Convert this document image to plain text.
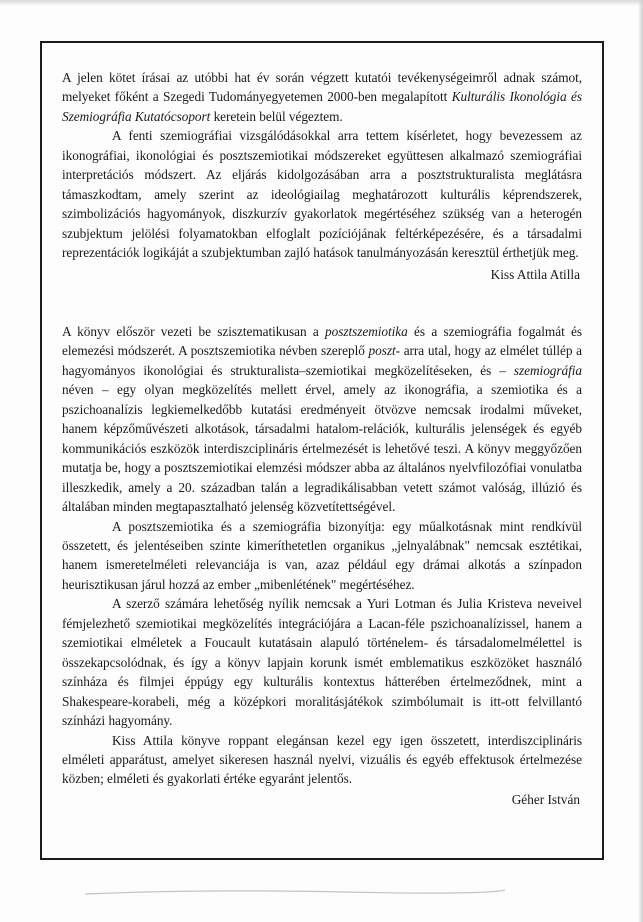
A jelen kötet írásai az utóbbi hat év során végzett kutatói tevékenységeimről adnak számot, melyeket főként a Szegedi Tudományegyetemen 2000-ben megalapított Kulturális Ikonológia és Szemiográfia Kutatócsoport keretein belül végeztem.

A fenti szemiográfiai vizsgálódásokkal arra tettem kísérletet, hogy bevezessem az ikonográfiai, ikonológiai és posztszemiotikai módszereket együttesen alkalmazó szemiográfiai interpretációs módszert. Az eljárás kidolgozásában arra a posztstrukturalista meglátásra támaszkodtam, amely szerint az ideológiailag meghatározott kulturális képrendszerek, szimbolizációs hagyományok, diszkurzív gyakorlatok megértéséhez szükség van a heterogén szubjektum jelölési folyamatokban elfoglalt pozíciójának feltérképezésére, és a társadalmi reprezentációk logikáját a szubjektumban zajló hatások tanulmányozásán keresztül érthetjük meg.

Kiss Attila Atilla

A könyv először vezeti be szisztematikusan a posztszemiotika és a szemiográfia fogalmát és elemezési módszerét. A posztszemiotika névben szereplő poszt- arra utal, hogy az elmélet túllép a hagyományos ikonológiai és strukturalista–szemiotikai megközelítéseken, és – szemiográfia néven – egy olyan megközelítés mellett érvel, amely az ikonográfia, a szemiotika és a pszichoanalízis legkiemelkedőbb kutatási eredményeit ötvözve nemcsak irodalmi műveket, hanem képzőművészeti alkotások, társadalmi hatalom-relációk, kulturális jelenségek és egyéb kommunikációs eszközök interdiszciplináris értelmezését is lehetővé teszi. A könyv meggyőzően mutatja be, hogy a posztszemiotikai elemzési módszer abba az általános nyelvfilozófiai vonulatba illeszkedik, amely a 20. században talán a legradikálisabban vetett számot valóság, illúzió és általában minden megtapasztalható jelenség közvetítettségével.

A posztszemiotika és a szemiográfia bizonyítja: egy műalkotásnak mint rendkívül összetett, és jelentéseiben szinte kimeríthetetlen organikus „jelnyalábnak" nemcsak esztétikai, hanem ismeretelméleti relevanciája is van, azaz például egy drámai alkotás a színpadon heurisztikusan járul hozzá az ember „mibenlétének" megértéséhez.

A szerző számára lehetőség nyílik nemcsak a Yuri Lotman és Julia Kristeva neveivel fémjelezhető szemiotikai megközelítés integrációjára a Lacan-féle pszichoanalízissel, hanem a szemiotikai elméletek a Foucault kutatásain alapuló történelem- és társadalomelmélettel is összekapcsolódnak, és így a könyv lapjain korunk ismét emblematikus eszközöket használó színháza és filmjei éppúgy egy kulturális kontextus hátterében értelmeződnek, mint a Shakespeare-korabeli, még a középkori moralitásjátékok szimbólumait is itt-ott felvillantó színházi hagyomány.

Kiss Attila könyve roppant elegánsan kezel egy igen összetett, interdiszciplináris elméleti apparátust, amelyet sikeresen használ nyelvi, vizuális és egyéb effektusok értelmezése közben; elméleti és gyakorlati értéke egyaránt jelentős.

Géher István
